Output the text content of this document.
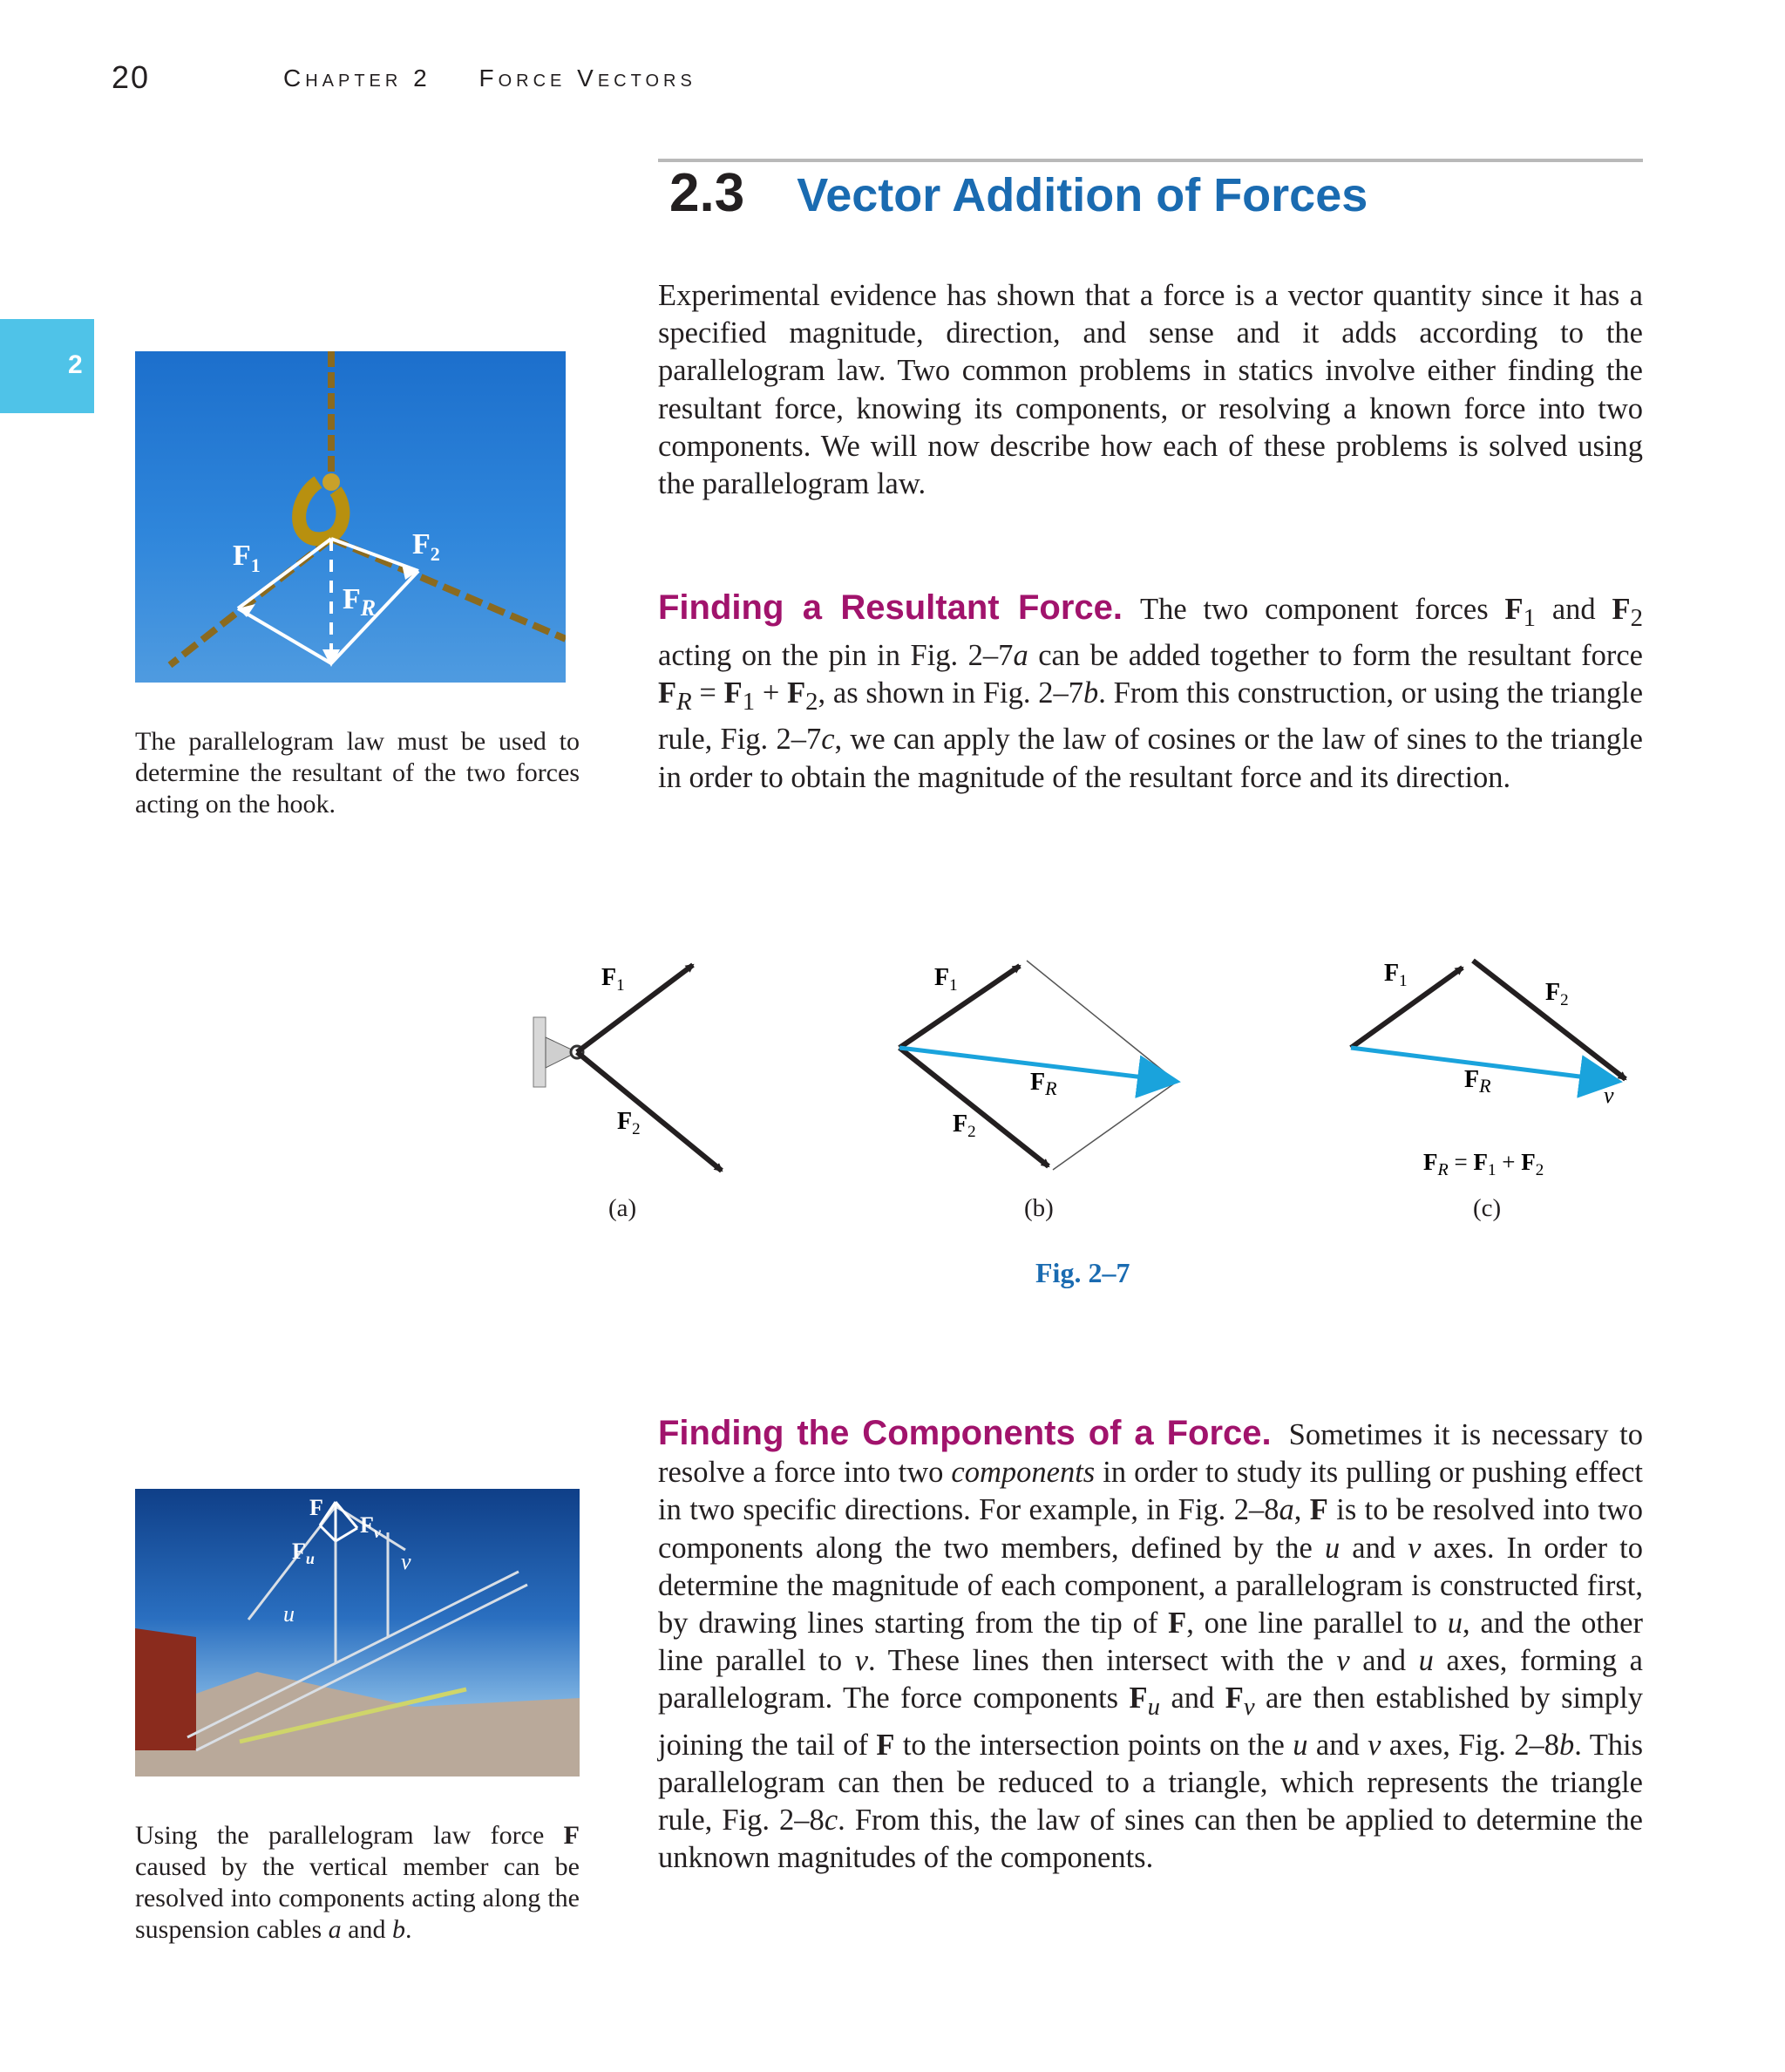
20	Chapter 2 Force Vectors
2
2.3 Vector Addition of Forces

Experimental evidence has shown that a force is a vector quantity since it has a specified magnitude, direction, and sense and it adds according to the parallelogram law. Two common problems in statics involve either finding the resultant force, knowing its components, or resolving a known force into two components. We will now describe how each of these problems is solved using the parallelogram law.

$F_1$
$F_2$
$F_R$
The parallelogram law must be used to determine the resultant of the two forces acting on the hook.

Finding a Resultant Force. The two component forces $F_1$ and $F_2$ acting on the pin in Fig. 2–7a can be added together to form the resultant force $F_R = F_1 + F_2$, as shown in Fig. 2–7b. From this construction, or using the triangle rule, Fig. 2–7c, we can apply the law of cosines or the law of sines to the triangle in order to obtain the magnitude of the resultant force and its direction.

$F_1$
$F_2$
$F_1$
$F_2$
$F_R$
$F_1$	$F_2$
$F_R$	v
$F_R = F_1 + F_2$
(a)	(b)	(c)
Fig. 2–7

Finding the Components of a Force. Sometimes it is necessary to resolve a force into two components in order to study its pulling or pushing effect in two specific directions. For example, in Fig. 2–8a, F is to be resolved into two components along the two members, defined by the u and v axes. In order to determine the magnitude of each component, a parallelogram is constructed first, by drawing lines starting from the tip of F, one line parallel to u, and the other line parallel to v. These lines then intersect with the v and u axes, forming a parallelogram. The force components $F_u$ and $F_v$ are then established by simply joining the tail of F to the intersection points on the u and v axes, Fig. 2–8b. This parallelogram can then be reduced to a triangle, which represents the triangle rule, Fig. 2–8c. From this, the law of sines can then be applied to determine the unknown magnitudes of the components.

F
$F_v$
$F_u$	v
u
Using the parallelogram law force F caused by the vertical member can be resolved into components acting along the suspension cables a and b.
